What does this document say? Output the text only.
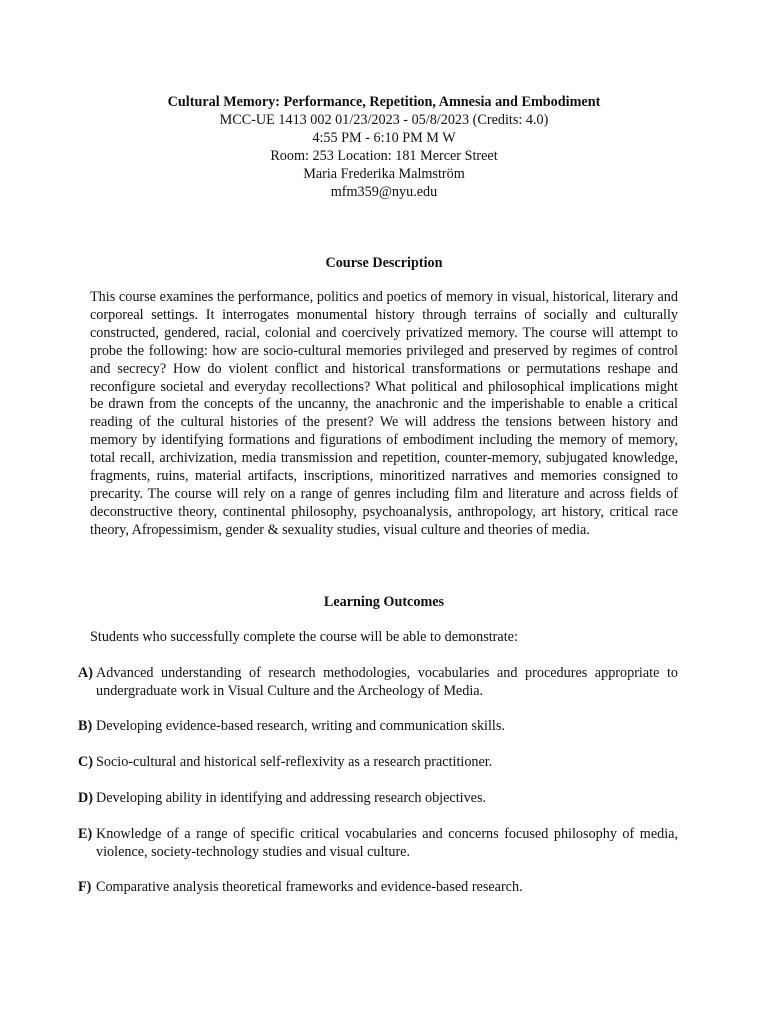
Cultural Memory: Performance, Repetition, Amnesia and Embodiment
MCC-UE 1413 002 01/23/2023 - 05/8/2023 (Credits: 4.0)
4:55 PM - 6:10 PM M W
Room: 253 Location: 181 Mercer Street
Maria Frederika Malmström
mfm359@nyu.edu
Course Description
This course examines the performance, politics and poetics of memory in visual, historical, literary and corporeal settings. It interrogates monumental history through terrains of socially and culturally constructed, gendered, racial, colonial and coercively privatized memory. The course will attempt to probe the following: how are socio-cultural memories privileged and preserved by regimes of control and secrecy? How do violent conflict and historical transformations or permutations reshape and reconfigure societal and everyday recollections? What political and philosophical implications might be drawn from the concepts of the uncanny, the anachronic and the imperishable to enable a critical reading of the cultural histories of the present? We will address the tensions between history and memory by identifying formations and figurations of embodiment including the memory of memory, total recall, archivization, media transmission and repetition, counter-memory, subjugated knowledge, fragments, ruins, material artifacts, inscriptions, minoritized narratives and memories consigned to precarity. The course will rely on a range of genres including film and literature and across fields of deconstructive theory, continental philosophy, psychoanalysis, anthropology, art history, critical race theory, Afropessimism, gender & sexuality studies, visual culture and theories of media.
Learning Outcomes
Students who successfully complete the course will be able to demonstrate:
A) Advanced understanding of research methodologies, vocabularies and procedures appropriate to undergraduate work in Visual Culture and the Archeology of Media.
B) Developing evidence-based research, writing and communication skills.
C) Socio-cultural and historical self-reflexivity as a research practitioner.
D) Developing ability in identifying and addressing research objectives.
E) Knowledge of a range of specific critical vocabularies and concerns focused philosophy of media, violence, society-technology studies and visual culture.
F) Comparative analysis theoretical frameworks and evidence-based research.
